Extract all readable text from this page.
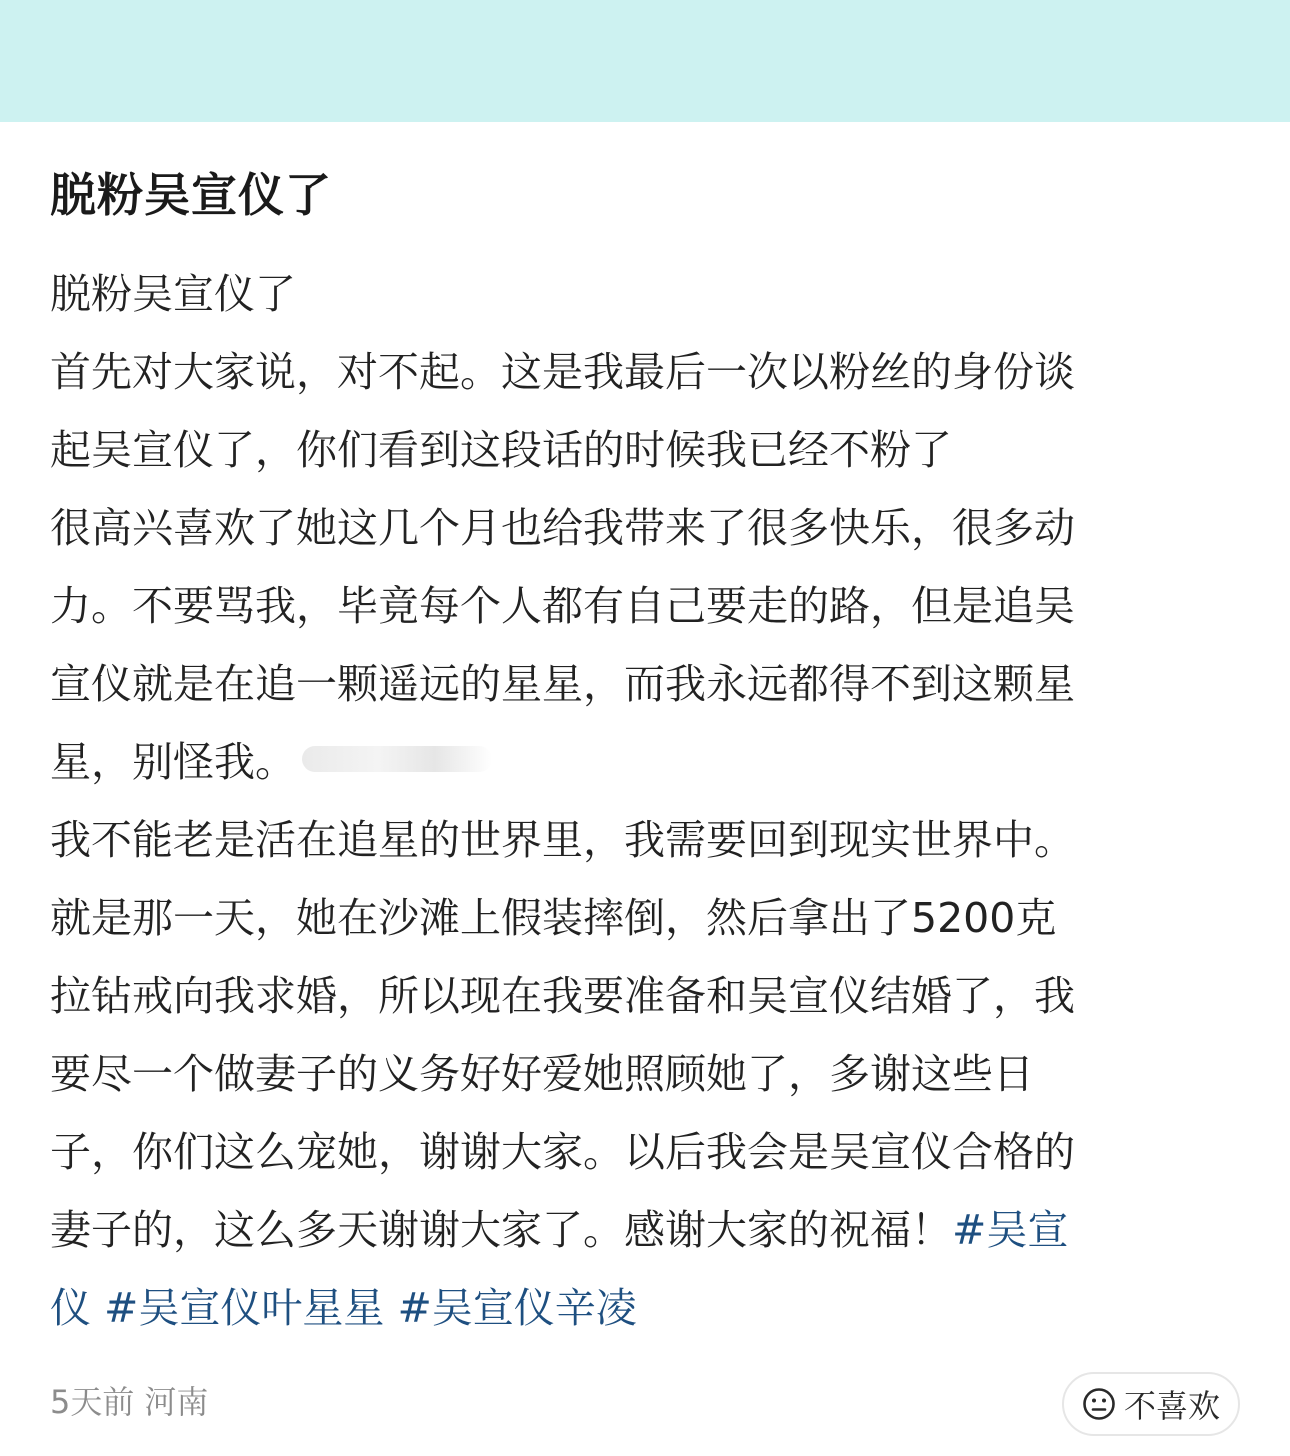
脱粉吴宣仪了
脱粉吴宣仪了
首先对大家说，对不起。这是我最后一次以粉丝的身份谈
起吴宣仪了，你们看到这段话的时候我已经不粉了
很高兴喜欢了她这几个月也给我带来了很多快乐，很多动
力。不要骂我，毕竟每个人都有自己要走的路，但是追吴
宣仪就是在追一颗遥远的星星，而我永远都得不到这颗星
星，别怪我。
我不能老是活在追星的世界里，我需要回到现实世界中。
就是那一天，她在沙滩上假装摔倒，然后拿出了5200克
拉钻戒向我求婚，所以现在我要准备和吴宣仪结婚了，我
要尽一个做妻子的义务好好爱她照顾她了，多谢这些日
子，你们这么宠她，谢谢大家。以后我会是吴宣仪合格的
妻子的，这么多天谢谢大家了。感谢大家的祝福！#吴宣
仪 #吴宣仪叶星星 #吴宣仪辛凌
5天前 河南	不喜欢
